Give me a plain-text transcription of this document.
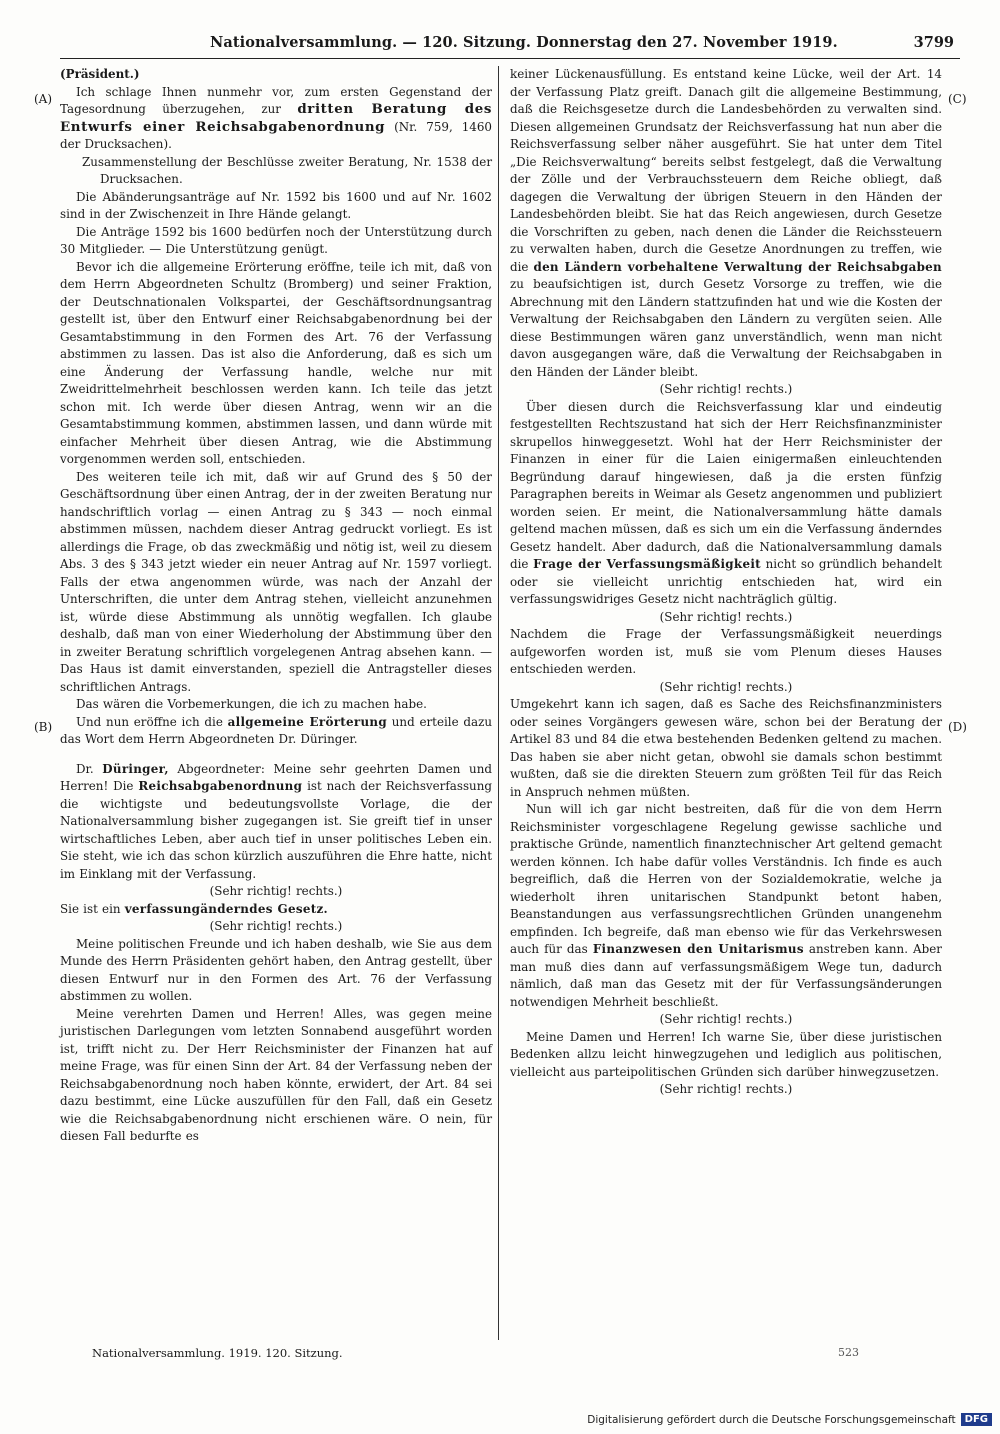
Nationalversammlung. — 120. Sitzung. Donnerstag den 27. November 1919.	3799
(A)
(B)
(C)
(D)

(Präsident.)

Ich schlage Ihnen nunmehr vor, zum ersten Gegenstand der Tagesordnung überzugehen, zur dritten Beratung des Entwurfs einer Reichsabgabenordnung (Nr. 759, 1460 der Drucksachen).

Zusammenstellung der Beschlüsse zweiter Beratung, Nr. 1538 der Drucksachen.

Die Abänderungsanträge auf Nr. 1592 bis 1600 und auf Nr. 1602 sind in der Zwischenzeit in Ihre Hände gelangt.

Die Anträge 1592 bis 1600 bedürfen noch der Unterstützung durch 30 Mitglieder. — Die Unterstützung genügt.

Bevor ich die allgemeine Erörterung eröffne, teile ich mit, daß von dem Herrn Abgeordneten Schultz (Bromberg) und seiner Fraktion, der Deutschnationalen Volkspartei, der Geschäftsordnungsantrag gestellt ist, über den Entwurf einer Reichsabgabenordnung bei der Gesamtabstimmung in den Formen des Art. 76 der Verfassung abstimmen zu lassen. Das ist also die Anforderung, daß es sich um eine Änderung der Verfassung handle, welche nur mit Zweidrittelmehrheit beschlossen werden kann. Ich teile das jetzt schon mit. Ich werde über diesen Antrag, wenn wir an die Gesamtabstimmung kommen, abstimmen lassen, und dann würde mit einfacher Mehrheit über diesen Antrag, wie die Abstimmung vorgenommen werden soll, entschieden.

Des weiteren teile ich mit, daß wir auf Grund des § 50 der Geschäftsordnung über einen Antrag, der in der zweiten Beratung nur handschriftlich vorlag — einen Antrag zu § 343 — noch einmal abstimmen müssen, nachdem dieser Antrag gedruckt vorliegt. Es ist allerdings die Frage, ob das zweckmäßig und nötig ist, weil zu diesem Abs. 3 des § 343 jetzt wieder ein neuer Antrag auf Nr. 1597 vorliegt. Falls der etwa angenommen würde, was nach der Anzahl der Unterschriften, die unter dem Antrag stehen, vielleicht anzunehmen ist, würde diese Abstimmung als unnötig wegfallen. Ich glaube deshalb, daß man von einer Wiederholung der Abstimmung über den in zweiter Beratung schriftlich vorgelegenen Antrag absehen kann. — Das Haus ist damit einverstanden, speziell die Antragsteller dieses schriftlichen Antrags.

Das wären die Vorbemerkungen, die ich zu machen habe.

Und nun eröffne ich die allgemeine Erörterung und erteile dazu das Wort dem Herrn Abgeordneten Dr. Düringer.

Dr. Düringer, Abgeordneter: Meine sehr geehrten Damen und Herren! Die Reichsabgabenordnung ist nach der Reichsverfassung die wichtigste und bedeutungsvollste Vorlage, die der Nationalversammlung bisher zugegangen ist. Sie greift tief in unser wirtschaftliches Leben, aber auch tief in unser politisches Leben ein. Sie steht, wie ich das schon kürzlich auszuführen die Ehre hatte, nicht im Einklang mit der Verfassung.

(Sehr richtig! rechts.)

Sie ist ein verfassungänderndes Gesetz.

(Sehr richtig! rechts.)

Meine politischen Freunde und ich haben deshalb, wie Sie aus dem Munde des Herrn Präsidenten gehört haben, den Antrag gestellt, über diesen Entwurf nur in den Formen des Art. 76 der Verfassung abstimmen zu wollen.

Meine verehrten Damen und Herren! Alles, was gegen meine juristischen Darlegungen vom letzten Sonnabend ausgeführt worden ist, trifft nicht zu. Der Herr Reichsminister der Finanzen hat auf meine Frage, was für einen Sinn der Art. 84 der Verfassung neben der Reichsabgabenordnung noch haben könnte, erwidert, der Art. 84 sei dazu bestimmt, eine Lücke auszufüllen für den Fall, daß ein Gesetz wie die Reichsabgabenordnung nicht erschienen wäre. O nein, für diesen Fall bedurfte es

keiner Lückenausfüllung. Es entstand keine Lücke, weil der Art. 14 der Verfassung Platz greift. Danach gilt die allgemeine Bestimmung, daß die Reichsgesetze durch die Landesbehörden zu verwalten sind. Diesen allgemeinen Grundsatz der Reichsverfassung hat nun aber die Reichsverfassung selber näher ausgeführt. Sie hat unter dem Titel „Die Reichsverwaltung“ bereits selbst festgelegt, daß die Verwaltung der Zölle und der Verbrauchssteuern dem Reiche obliegt, daß dagegen die Verwaltung der übrigen Steuern in den Händen der Landesbehörden bleibt. Sie hat das Reich angewiesen, durch Gesetze die Vorschriften zu geben, nach denen die Länder die Reichssteuern zu verwalten haben, durch die Gesetze Anordnungen zu treffen, wie die den Ländern vorbehaltene Verwaltung der Reichsabgaben zu beaufsichtigen ist, durch Gesetz Vorsorge zu treffen, wie die Abrechnung mit den Ländern stattzufinden hat und wie die Kosten der Verwaltung der Reichsabgaben den Ländern zu vergüten seien. Alle diese Bestimmungen wären ganz unverständlich, wenn man nicht davon ausgegangen wäre, daß die Verwaltung der Reichsabgaben in den Händen der Länder bleibt.

(Sehr richtig! rechts.)

Über diesen durch die Reichsverfassung klar und eindeutig festgestellten Rechtszustand hat sich der Herr Reichsfinanzminister skrupellos hinweggesetzt. Wohl hat der Herr Reichsminister der Finanzen in einer für die Laien einigermaßen einleuchtenden Begründung darauf hingewiesen, daß ja die ersten fünfzig Paragraphen bereits in Weimar als Gesetz angenommen und publiziert worden seien. Er meint, die Nationalversammlung hätte damals geltend machen müssen, daß es sich um ein die Verfassung änderndes Gesetz handelt. Aber dadurch, daß die Nationalversammlung damals die Frage der Verfassungsmäßigkeit nicht so gründlich behandelt oder sie vielleicht unrichtig entschieden hat, wird ein verfassungswidriges Gesetz nicht nachträglich gültig.

(Sehr richtig! rechts.)

Nachdem die Frage der Verfassungsmäßigkeit neuerdings aufgeworfen worden ist, muß sie vom Plenum dieses Hauses entschieden werden.

(Sehr richtig! rechts.)

Umgekehrt kann ich sagen, daß es Sache des Reichsfinanzministers oder seines Vorgängers gewesen wäre, schon bei der Beratung der Artikel 83 und 84 die etwa bestehenden Bedenken geltend zu machen. Das haben sie aber nicht getan, obwohl sie damals schon bestimmt wußten, daß sie die direkten Steuern zum größten Teil für das Reich in Anspruch nehmen müßten.

Nun will ich gar nicht bestreiten, daß für die von dem Herrn Reichsminister vorgeschlagene Regelung gewisse sachliche und praktische Gründe, namentlich finanztechnischer Art geltend gemacht werden können. Ich habe dafür volles Verständnis. Ich finde es auch begreiflich, daß die Herren von der Sozialdemokratie, welche ja wiederholt ihren unitarischen Standpunkt betont haben, Beanstandungen aus verfassungsrechtlichen Gründen unangenehm empfinden. Ich begreife, daß man ebenso wie für das Verkehrswesen auch für das Finanzwesen den Unitarismus anstreben kann. Aber man muß dies dann auf verfassungsmäßigem Wege tun, dadurch nämlich, daß man das Gesetz mit der für Verfassungsänderungen notwendigen Mehrheit beschließt.

(Sehr richtig! rechts.)

Meine Damen und Herren! Ich warne Sie, über diese juristischen Bedenken allzu leicht hinwegzugehen und lediglich aus politischen, vielleicht aus parteipolitischen Gründen sich darüber hinwegzusetzen.

(Sehr richtig! rechts.)

Nationalversammlung. 1919. 120. Sitzung.	523
Digitalisierung gefördert durch die Deutsche Forschungsgemeinschaft DFG
